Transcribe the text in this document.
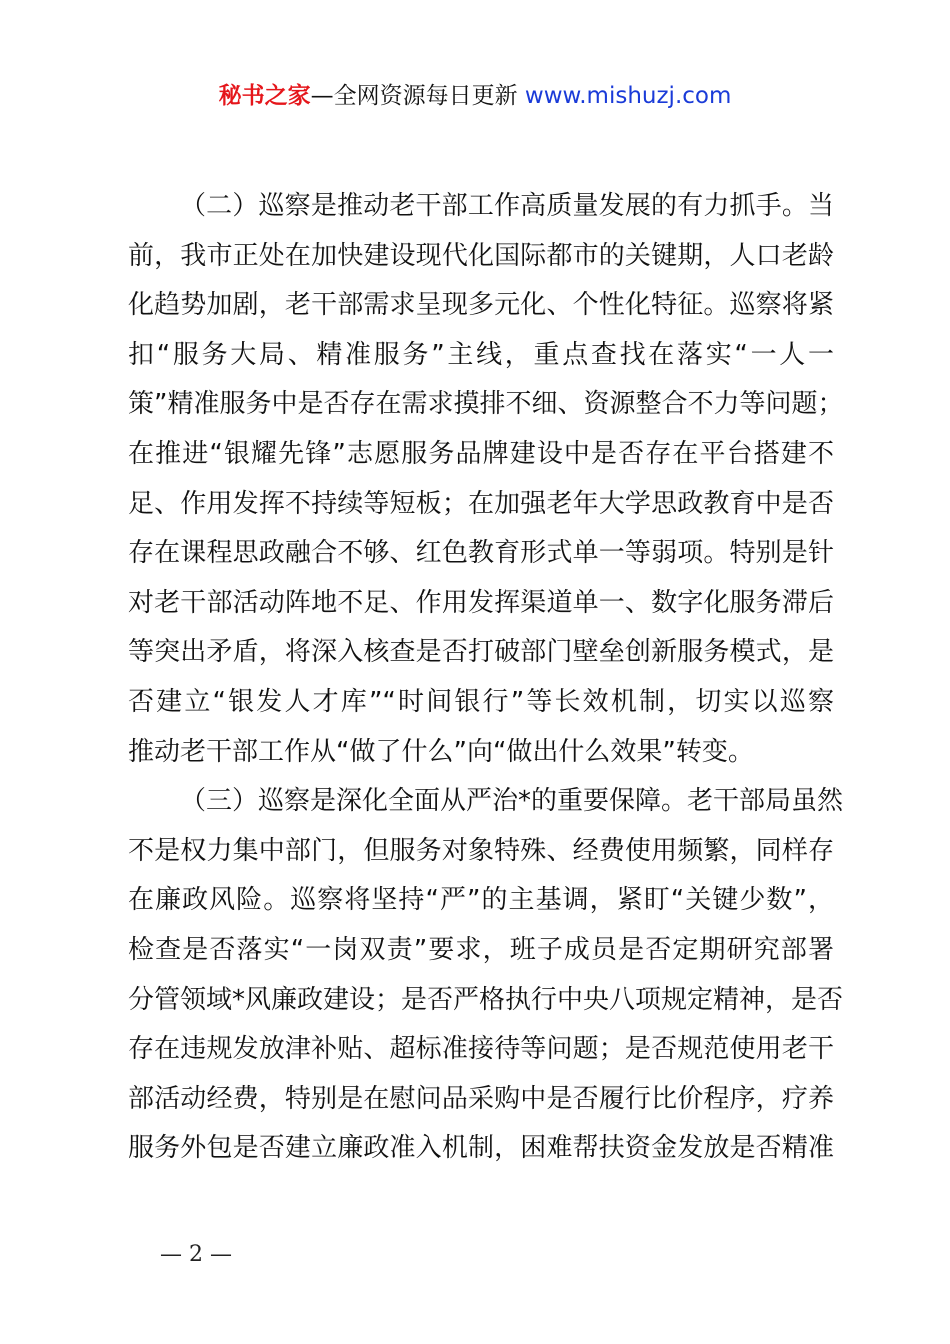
秘书之家—全网资源每日更新 www.mishuzj.com
（二）巡察是推动老干部工作高质量发展的有力抓手。当
前，我市正处在加快建设现代化国际都市的关键期，人口老龄
化趋势加剧，老干部需求呈现多元化、个性化特征。巡察将紧
扣“服务大局、精准服务”主线，重点查找在落实“一人一
策”精准服务中是否存在需求摸排不细、资源整合不力等问题；
在推进“银耀先锋”志愿服务品牌建设中是否存在平台搭建不
足、作用发挥不持续等短板；在加强老年大学思政教育中是否
存在课程思政融合不够、红色教育形式单一等弱项。特别是针
对老干部活动阵地不足、作用发挥渠道单一、数字化服务滞后
等突出矛盾，将深入核查是否打破部门壁垒创新服务模式，是
否建立“银发人才库”“时间银行”等长效机制，切实以巡察
推动老干部工作从“做了什么”向“做出什么效果”转变。
（三）巡察是深化全面从严治*的重要保障。老干部局虽然
不是权力集中部门，但服务对象特殊、经费使用频繁，同样存
在廉政风险。巡察将坚持“严”的主基调，紧盯“关键少数”，
检查是否落实“一岗双责”要求，班子成员是否定期研究部署
分管领域*风廉政建设；是否严格执行中央八项规定精神，是否
存在违规发放津补贴、超标准接待等问题；是否规范使用老干
部活动经费，特别是在慰问品采购中是否履行比价程序，疗养
服务外包是否建立廉政准入机制，困难帮扶资金发放是否精准
— 2 —
